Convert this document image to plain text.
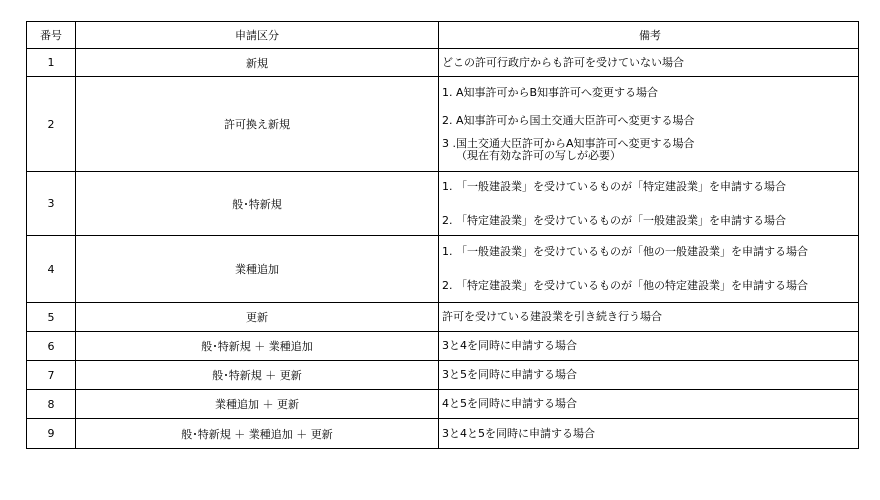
番号	申請区分	備考
1	新規	どこの許可行政庁からも許可を受けていない場合

2	許可換え新規	1. A知事許可からB知事許可へ変更する場合
2. A知事許可から国土交通大臣許可へ変更する場合
3 .国土交通大臣許可からA知事許可へ変更する場合
（現在有効な許可の写しが必要）

3	般･特新規	1. 「一般建設業」を受けているものが「特定建設業」を申請する場合
2. 「特定建設業」を受けているものが「一般建設業」を申請する場合

4	業種追加	1. 「一般建設業」を受けているものが「他の一般建設業」を申請する場合
2. 「特定建設業」を受けているものが「他の特定建設業」を申請する場合

5	更新	許可を受けている建設業を引き続き行う場合

6	般･特新規 ＋ 業種追加	3と4を同時に申請する場合

7	般･特新規 ＋ 更新	3と5を同時に申請する場合

8	業種追加 ＋ 更新	4と5を同時に申請する場合

9	般･特新規 ＋ 業種追加 ＋ 更新	3と4と5を同時に申請する場合
